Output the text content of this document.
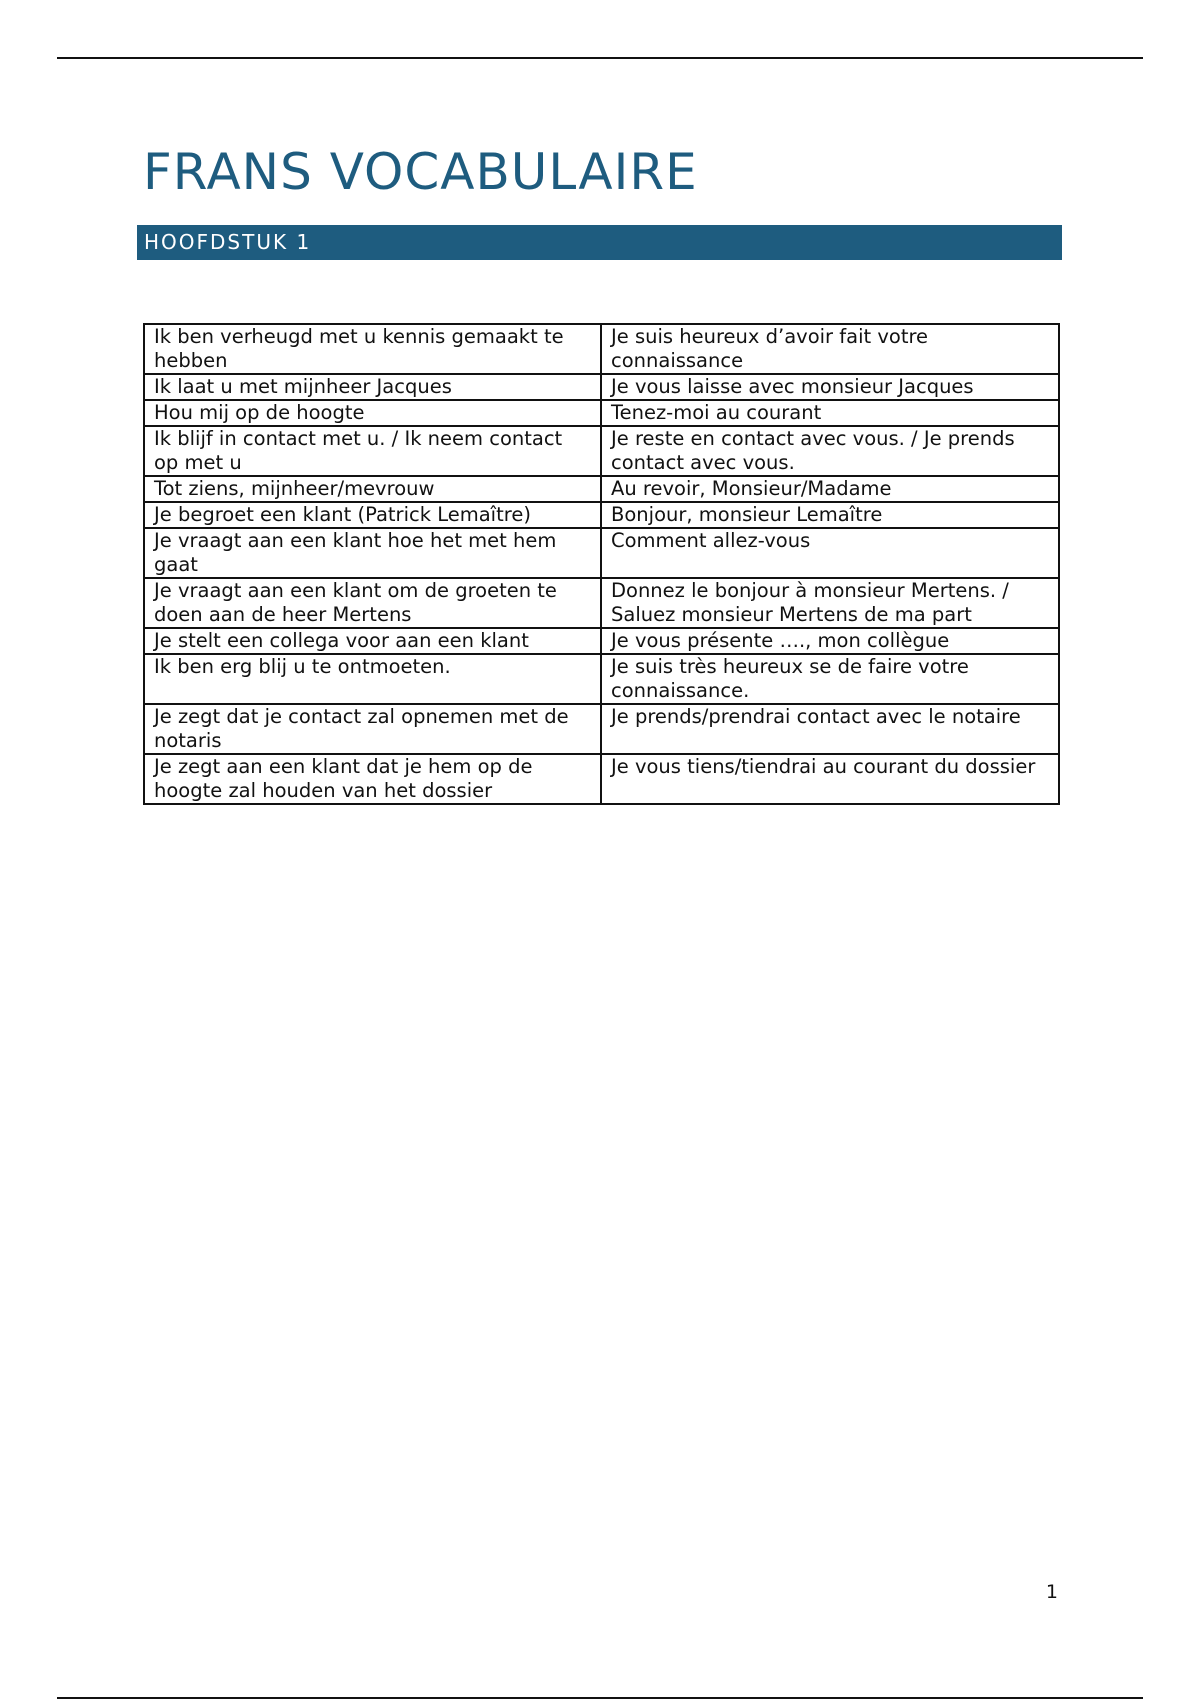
FRANS VOCABULAIRE
HOOFDSTUK 1
Ik ben verheugd met u kennis gemaakt te hebben	Je suis heureux d’avoir fait votre connaissance
Ik laat u met mijnheer Jacques	Je vous laisse avec monsieur Jacques
Hou mij op de hoogte	Tenez-moi au courant
Ik blijf in contact met u. / Ik neem contact op met u	Je reste en contact avec vous. / Je prends contact avec vous.
Tot ziens, mijnheer/mevrouw	Au revoir, Monsieur/Madame
Je begroet een klant (Patrick Lemaître)	Bonjour, monsieur Lemaître
Je vraagt aan een klant hoe het met hem gaat	Comment allez-vous
Je vraagt aan een klant om de groeten te doen aan de heer Mertens	Donnez le bonjour à monsieur Mertens. / Saluez monsieur Mertens de ma part
Je stelt een collega voor aan een klant	Je vous présente …., mon collègue
Ik ben erg blij u te ontmoeten.	Je suis très heureux se de faire votre connaissance.
Je zegt dat je contact zal opnemen met de notaris	Je prends/prendrai contact avec le notaire
Je zegt aan een klant dat je hem op de hoogte zal houden van het dossier	Je vous tiens/tiendrai au courant du dossier
1
